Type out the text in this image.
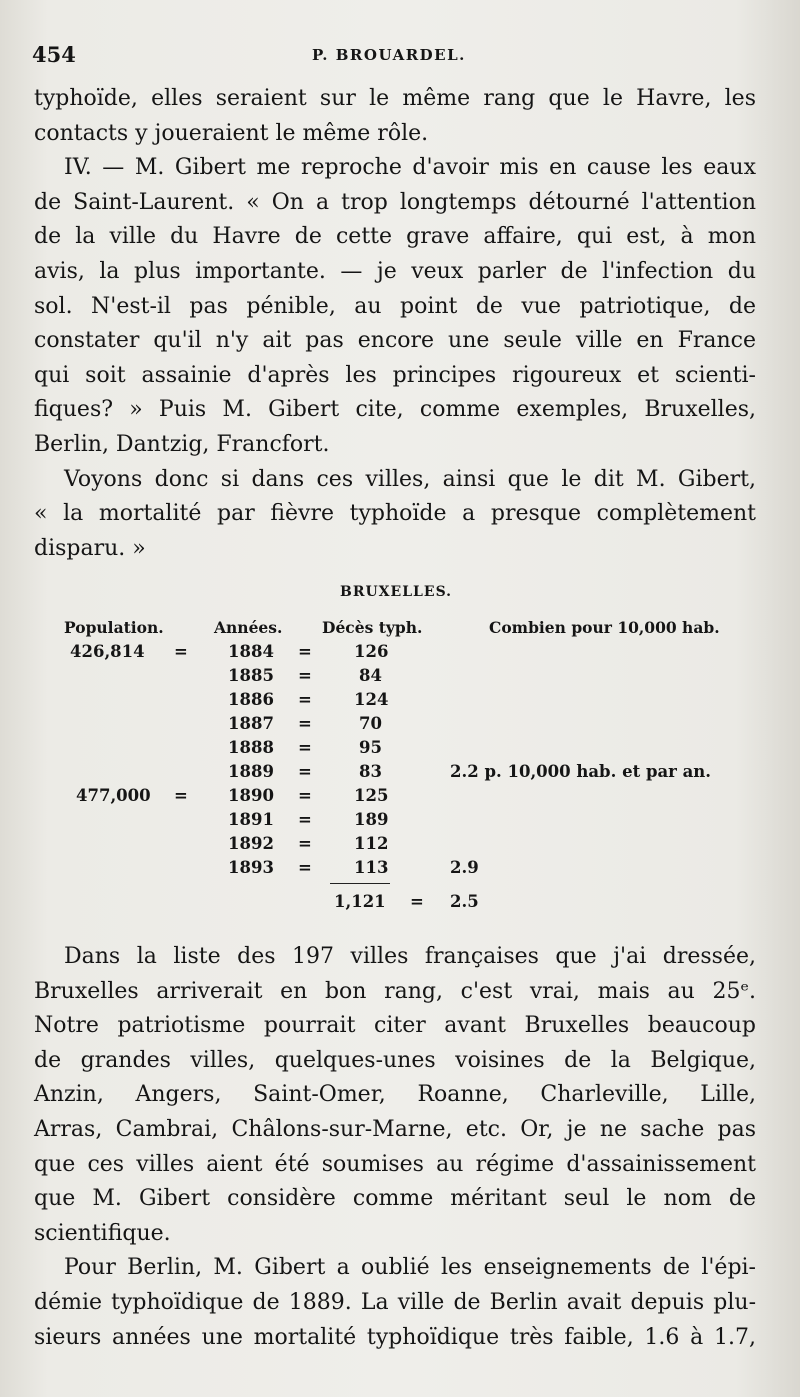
454	P. BROUARDEL.
typhoïde, elles seraient sur le même rang que le Havre, les
contacts y joueraient le même rôle.
IV. — M. Gibert me reproche d'avoir mis en cause les eaux
de Saint-Laurent. « On a trop longtemps détourné l'attention
de la ville du Havre de cette grave affaire, qui est, à mon
avis, la plus importante. — je veux parler de l'infection du
sol. N'est-il pas pénible, au point de vue patriotique, de
constater qu'il n'y ait pas encore une seule ville en France
qui soit assainie d'après les principes rigoureux et scienti-
fiques? » Puis M. Gibert cite, comme exemples, Bruxelles,
Berlin, Dantzig, Francfort.
Voyons donc si dans ces villes, ainsi que le dit M. Gibert,
« la mortalité par fièvre typhoïde a presque complètement
disparu. »
BRUXELLES.
Population.	Années.	Décès typh.	Combien pour 10,000 hab.
426,814 = 1884 =	126
1885 =	84
1886 =	124
1887 =	70
1888 =	95
1889 =	83	2.2 p. 10,000 hab. et par an.
477,000 = 1890 =	125
1891 =	189
1892 =	112
1893 =	113	2.9
1,121 = 2.5
Dans la liste des 197 villes françaises que j'ai dressée,
Bruxelles arriverait en bon rang, c'est vrai, mais au 25ᵉ.
Notre patriotisme pourrait citer avant Bruxelles beaucoup
de grandes villes, quelques-unes voisines de la Belgique,
Anzin, Angers, Saint-Omer, Roanne, Charleville, Lille,
Arras, Cambrai, Châlons-sur-Marne, etc. Or, je ne sache pas
que ces villes aient été soumises au régime d'assainissement
que M. Gibert considère comme méritant seul le nom de
scientifique.
Pour Berlin, M. Gibert a oublié les enseignements de l'épi-
démie typhoïdique de 1889. La ville de Berlin avait depuis plu-
sieurs années une mortalité typhoïdique très faible, 1.6 à 1.7,
